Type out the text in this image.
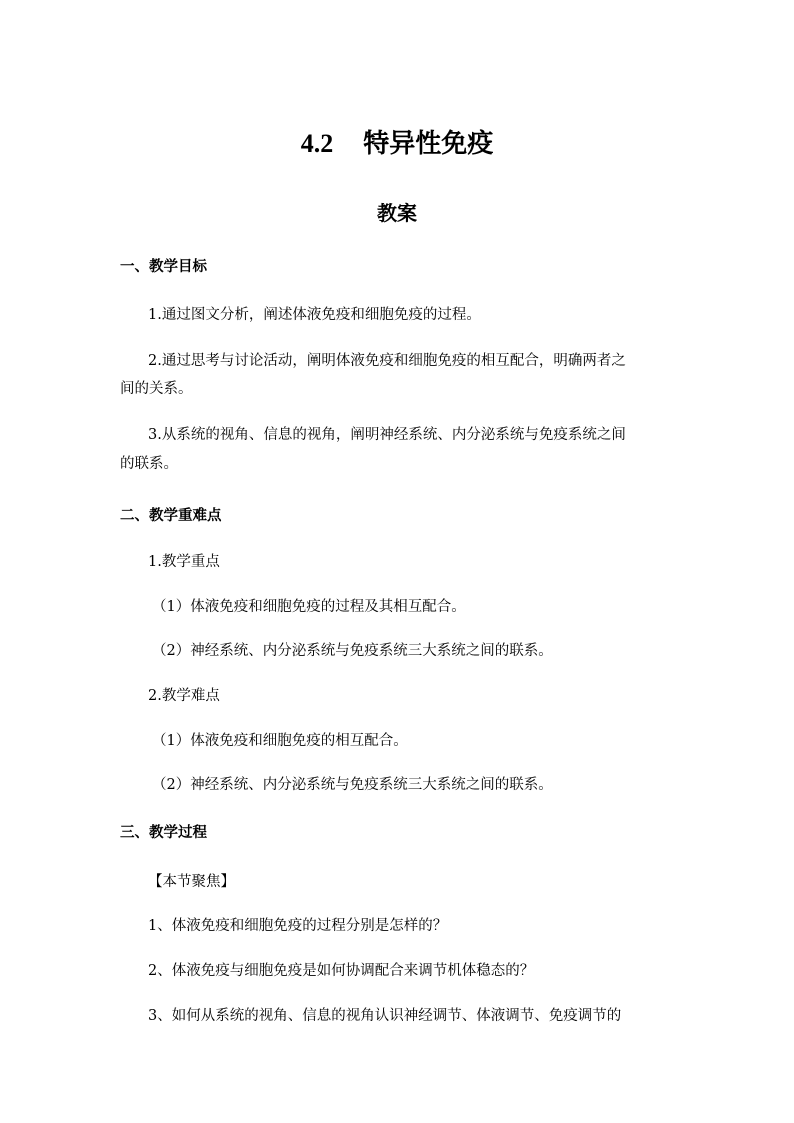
4.2 特异性免疫
教案
一、教学目标
1.通过图文分析，阐述体液免疫和细胞免疫的过程。
2.通过思考与讨论活动，阐明体液免疫和细胞免疫的相互配合，明确两者之
间的关系。
3.从系统的视角、信息的视角，阐明神经系统、内分泌系统与免疫系统之间
的联系。
二、教学重难点
1.教学重点
（1）体液免疫和细胞免疫的过程及其相互配合。
（2）神经系统、内分泌系统与免疫系统三大系统之间的联系。
2.教学难点
（1）体液免疫和细胞免疫的相互配合。
（2）神经系统、内分泌系统与免疫系统三大系统之间的联系。
三、教学过程
【本节聚焦】
1、体液免疫和细胞免疫的过程分别是怎样的？
2、体液免疫与细胞免疫是如何协调配合来调节机体稳态的？
3、如何从系统的视角、信息的视角认识神经调节、体液调节、免疫调节的
